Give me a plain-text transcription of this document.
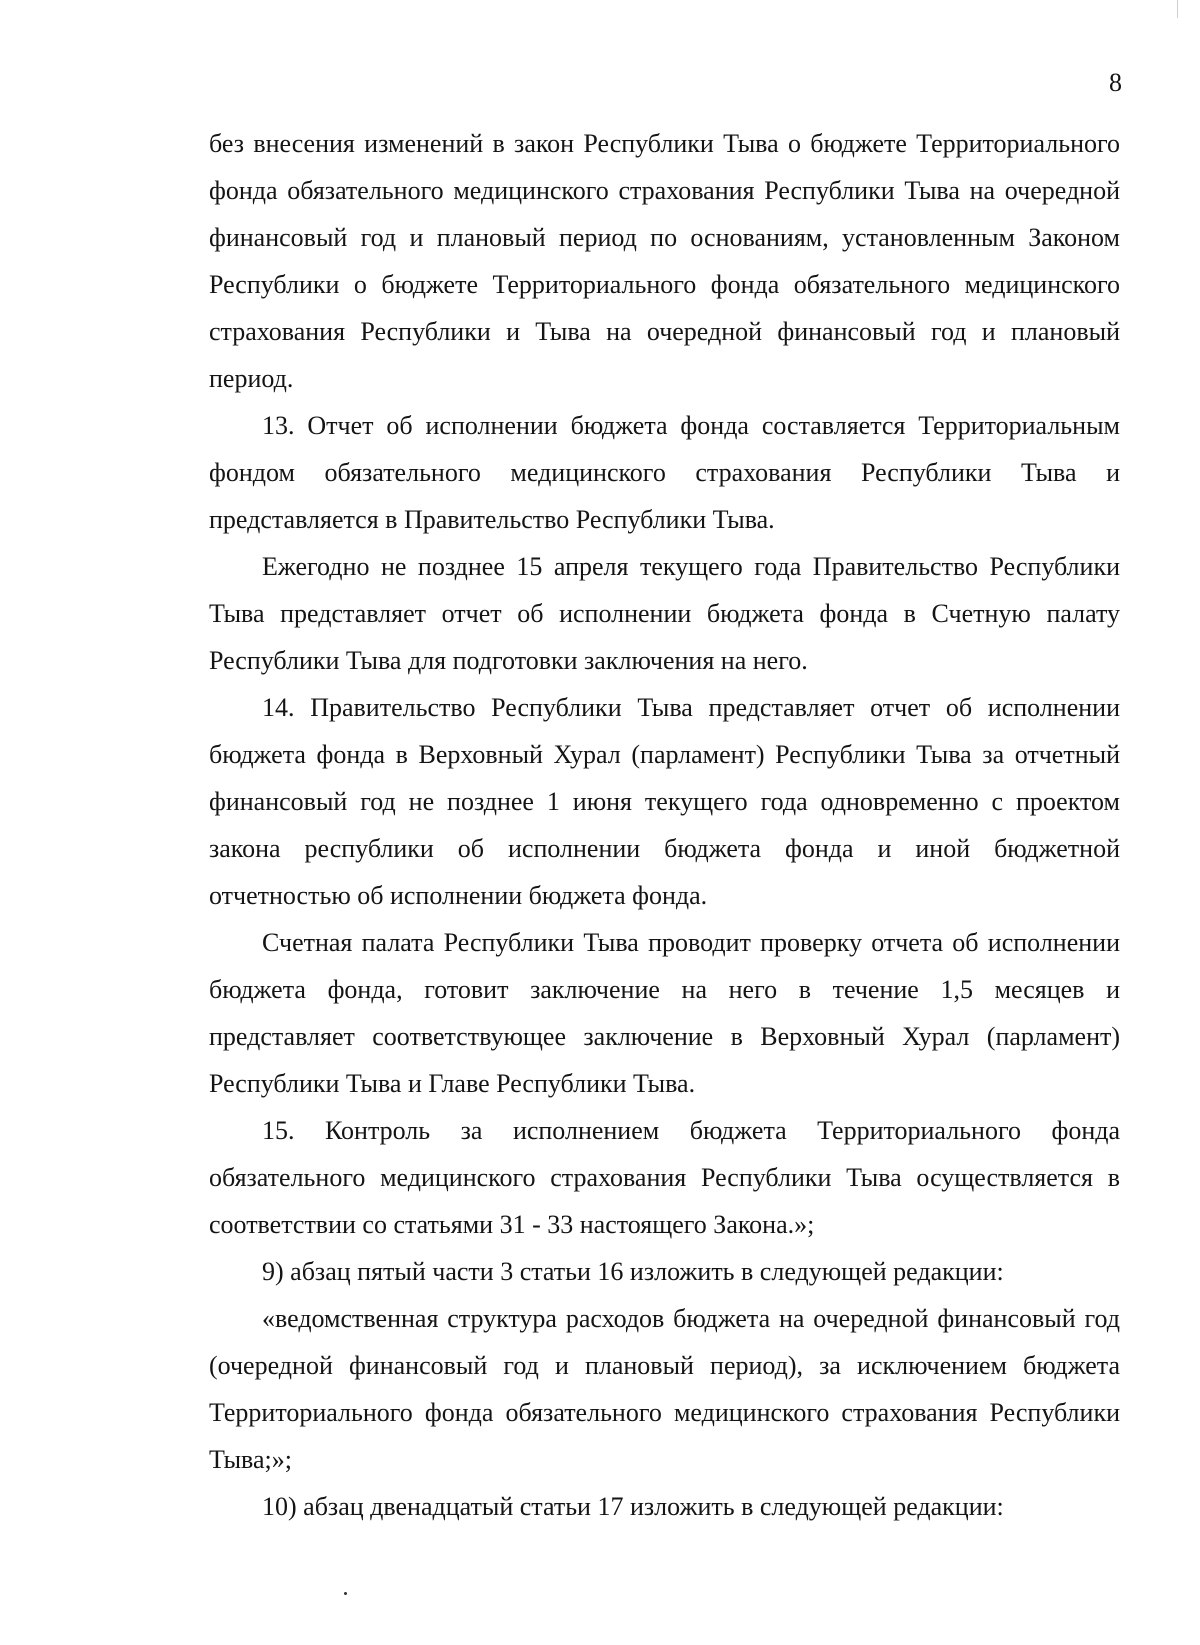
8

без внесения изменений в закон Республики Тыва о бюджете Территориального фонда обязательного медицинского страхования Республики Тыва на очередной финансовый год и плановый период по основаниям, установленным Законом Республики о бюджете Территориального фонда обязательного медицинского страхования Республики и Тыва на очередной финансовый год и плановый период.

13. Отчет об исполнении бюджета фонда составляется Территориальным фондом обязательного медицинского страхования Республики Тыва и представляется в Правительство Республики Тыва.

Ежегодно не позднее 15 апреля текущего года Правительство Республики Тыва представляет отчет об исполнении бюджета фонда в Счетную палату Республики Тыва для подготовки заключения на него.

14. Правительство Республики Тыва представляет отчет об исполнении бюджета фонда в Верховный Хурал (парламент) Республики Тыва за отчетный финансовый год не позднее 1 июня текущего года одновременно с проектом закона республики об исполнении бюджета фонда и иной бюджетной отчетностью об исполнении бюджета фонда.

Счетная палата Республики Тыва проводит проверку отчета об исполнении бюджета фонда, готовит заключение на него в течение 1,5 месяцев и представляет соответствующее заключение в Верховный Хурал (парламент) Республики Тыва и Главе Республики Тыва.

15. Контроль за исполнением бюджета Территориального фонда обязательного медицинского страхования Республики Тыва осуществляется в соответствии со статьями 31 - 33 настоящего Закона.»;

9) абзац пятый части 3 статьи 16 изложить в следующей редакции:

«ведомственная структура расходов бюджета на очередной финансовый год (очередной финансовый год и плановый период), за исключением бюджета Территориального фонда обязательного медицинского страхования Республики Тыва;»;

10) абзац двенадцатый статьи 17 изложить в следующей редакции:
